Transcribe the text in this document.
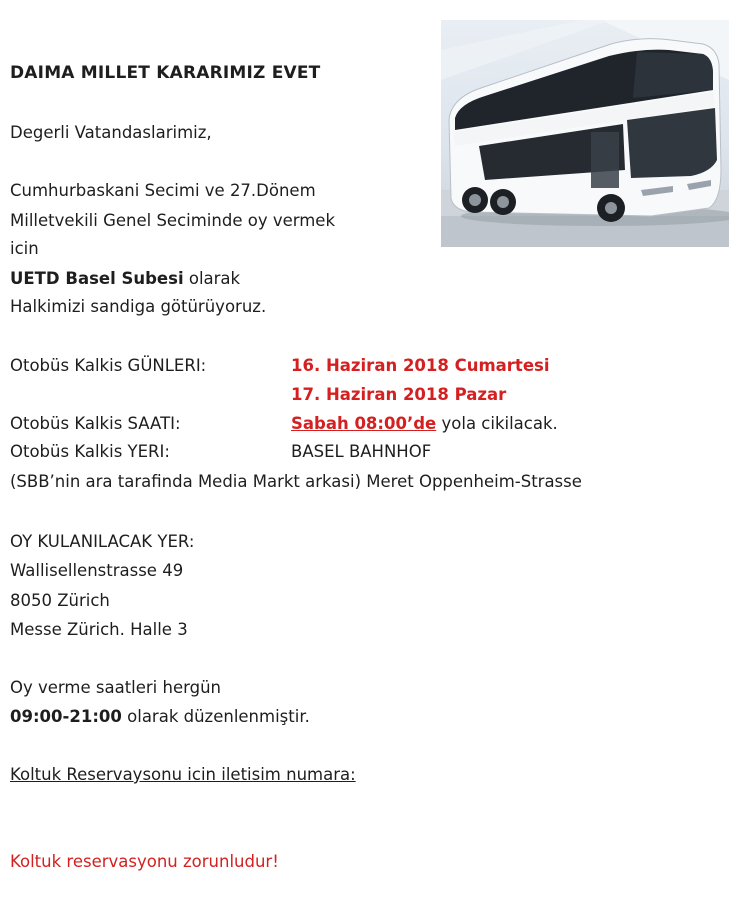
DAIMA MILLET KARARIMIZ EVET
Degerli Vatandaslarimiz,
Cumhurbaskani Secimi ve 27.Dönem
Milletvekili Genel Seciminde oy vermek
icin
UETD Basel Subesi olarak
Halkimizi sandiga götürüyoruz.
Otobüs Kalkis GÜNLERI:	16. Haziran 2018 Cumartesi
17. Haziran 2018 Pazar
Otobüs Kalkis SAATI:	Sabah 08:00’de yola cikilacak.
Otobüs Kalkis YERI:	BASEL BAHNHOF
(SBB’nin ara tarafinda Media Markt arkasi) Meret Oppenheim-Strasse
OY KULANILACAK YER:
Wallisellenstrasse 49
8050 Zürich
Messe Zürich. Halle 3
Oy verme saatleri hergün
09:00-21:00 olarak düzenlenmiştir.
Koltuk Reservaysonu icin iletisim numara:
Koltuk reservasyonu zorunludur!
